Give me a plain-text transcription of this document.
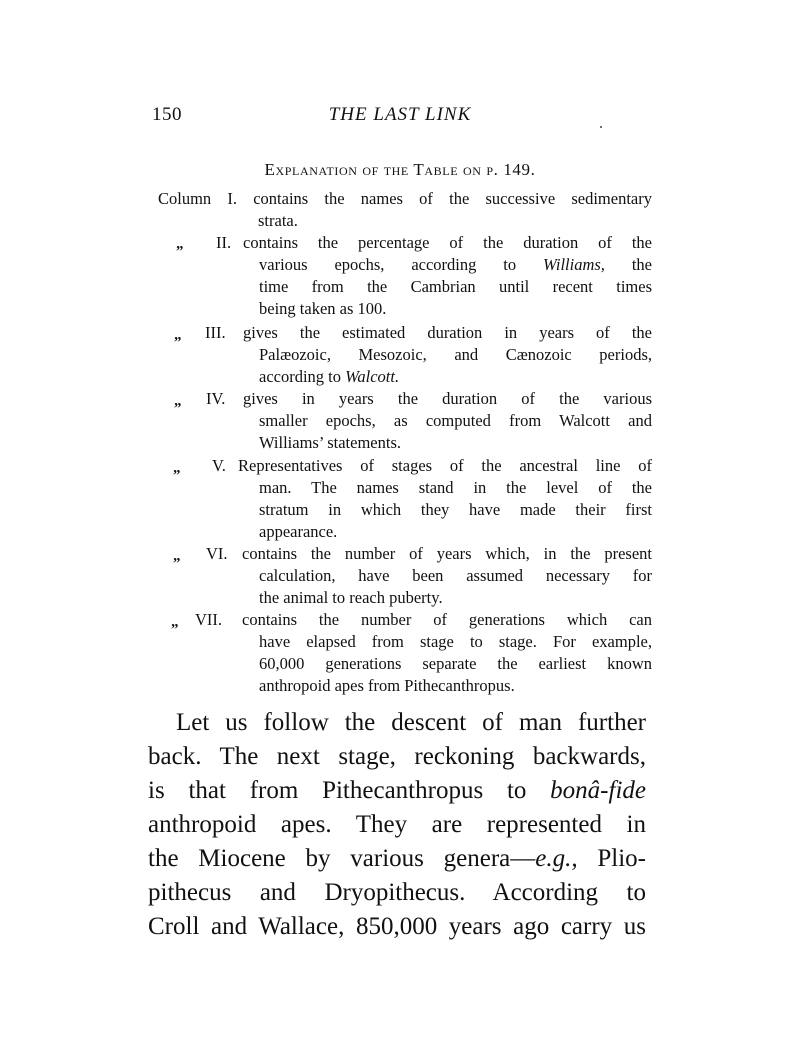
150	THE LAST LINK
Explanation of the Table on p. 149.
Column I. contains the names of the successive sedimentary
strata.
„ II. contains the percentage of the duration of the
various epochs, according to Williams, the
time from the Cambrian until recent times
being taken as 100.
„ III. gives the estimated duration in years of the
Palæozoic, Mesozoic, and Cænozoic periods,
according to Walcott.
„ IV. gives in years the duration of the various
smaller epochs, as computed from Walcott and
Williams’ statements.
„ V. Representatives of stages of the ancestral line of
man. The names stand in the level of the
stratum in which they have made their first
appearance.
„ VI. contains the number of years which, in the present
calculation, have been assumed necessary for
the animal to reach puberty.
„ VII. contains the number of generations which can
have elapsed from stage to stage. For example,
60,000 generations separate the earliest known
anthropoid apes from Pithecanthropus.
Let us follow the descent of man further
back. The next stage, reckoning backwards,
is that from Pithecanthropus to bonâ-fide
anthropoid apes. They are represented in
the Miocene by various genera—e.g., Plio-
pithecus and Dryopithecus. According to
Croll and Wallace, 850,000 years ago carry us
